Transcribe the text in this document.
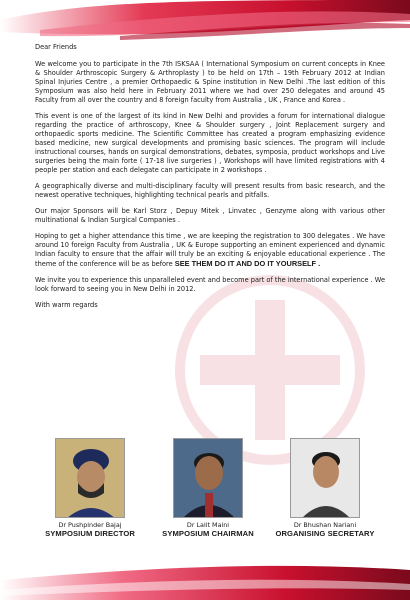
Dear Friends

We welcome you to participate in the 7th ISKSAA ( International Symposium on current concepts in Knee & Shoulder Arthroscopic Surgery & Arthroplasty ) to be held on 17th – 19th February 2012 at Indian Spinal Injuries Centre , a premier Orthopaedic & Spine institution in New Delhi .The last edition of this Symposium was also held here in February 2011 where we had over 250 delegates and around 45 Faculty from all over the country and 8 foreign faculty from Australia , UK , France and Korea .

This event is one of the largest of its kind in New Delhi and provides a forum for international dialogue regarding the practice of arthroscopy, Knee & Shoulder surgery , Joint Replacement surgery and orthopaedic sports medicine. The Scientific Committee has created a program emphasizing evidence based medicine, new surgical developments and promising basic sciences. The program will include instructional courses, hands on surgical demonstrations, debates, symposia, product workshops and Live surgeries being the main forte ( 17-18 live surgeries ) , Workshops will have limited registrations with 4 people per station and each delegate can participate in 2 workshops .

A geographically diverse and multi-disciplinary faculty will present results from basic research, and the newest operative techniques, highlighting technical pearls and pitfalls.

Our major Sponsors will be Karl Storz , Depuy Mitek , Linvatec , Genzyme along with various other multinational & Indian Surgical Companies .

Hoping to get a higher attendance this time , we are keeping the registration to 300 delegates . We have around 10 foreign Faculty from Australia , UK & Europe supporting an eminent experienced and dynamic Indian faculty to ensure that the affair will truly be an exciting & enjoyable educational experience . The theme of the conference will be as before SEE THEM DO IT AND DO IT YOURSELF .

We invite you to experience this unparalleled event and become part of the international experience . We look forward to seeing you in New Delhi in 2012.

With warm regards

Dr Pushpinder Bajaj
SYMPOSIUM DIRECTOR
Dr Lalit Maini
SYMPOSIUM CHAIRMAN
Dr Bhushan Nariani
ORGANISING SECRETARY
